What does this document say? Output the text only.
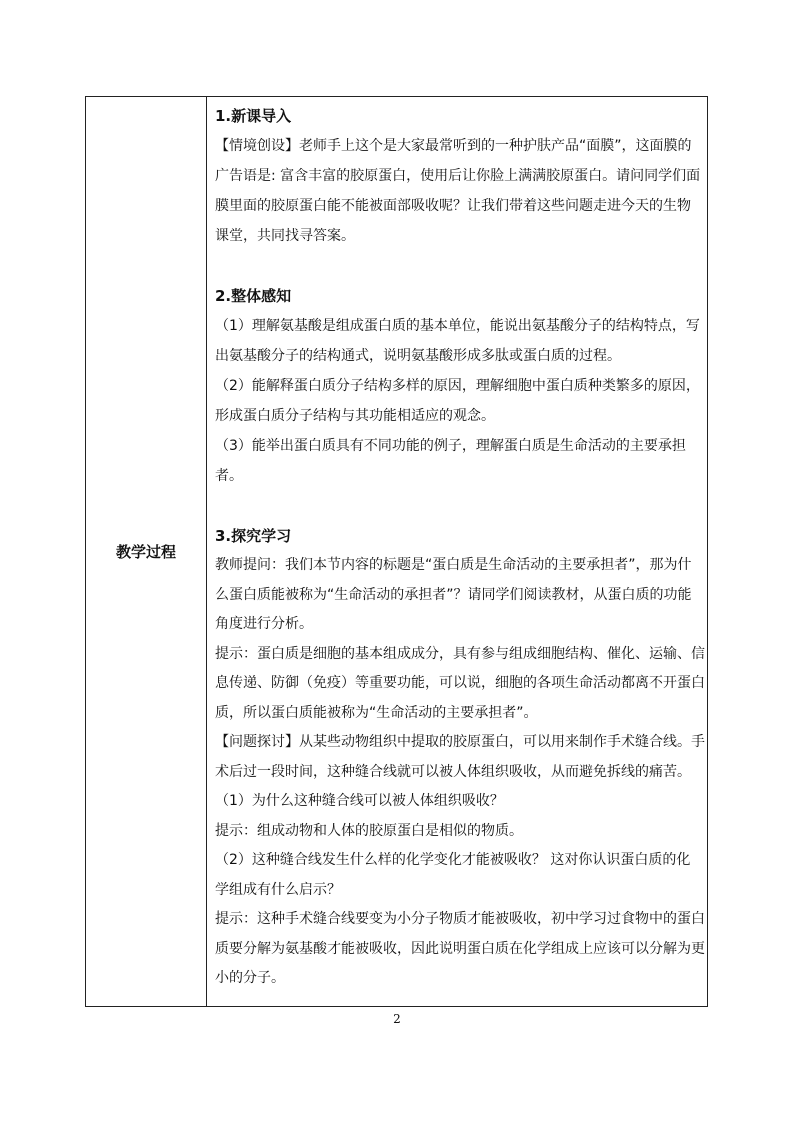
教学过程
1.新课导入
【情境创设】老师手上这个是大家最常听到的一种护肤产品“面膜”，这面膜的
广告语是: 富含丰富的胶原蛋白，使用后让你脸上满满胶原蛋白。请问同学们面
膜里面的胶原蛋白能不能被面部吸收呢？让我们带着这些问题走进今天的生物
课堂，共同找寻答案。
2.整体感知
（1）理解氨基酸是组成蛋白质的基本单位，能说出氨基酸分子的结构特点，写
出氨基酸分子的结构通式，说明氨基酸形成多肽或蛋白质的过程。
（2）能解释蛋白质分子结构多样的原因，理解细胞中蛋白质种类繁多的原因，
形成蛋白质分子结构与其功能相适应的观念。
（3）能举出蛋白质具有不同功能的例子，理解蛋白质是生命活动的主要承担者。
3.探究学习
教师提问：我们本节内容的标题是“蛋白质是生命活动的主要承担者”，那为什
么蛋白质能被称为“生命活动的承担者”？请同学们阅读教材，从蛋白质的功能
角度进行分析。
提示：蛋白质是细胞的基本组成成分，具有参与组成细胞结构、催化、运输、信
息传递、防御（免疫）等重要功能，可以说，细胞的各项生命活动都离不开蛋白
质，所以蛋白质能被称为“生命活动的主要承担者”。
【问题探讨】从某些动物组织中提取的胶原蛋白，可以用来制作手术缝合线。手
术后过一段时间，这种缝合线就可以被人体组织吸收，从而避免拆线的痛苦。
（1）为什么这种缝合线可以被人体组织吸收？
提示：组成动物和人体的胶原蛋白是相似的物质。
（2）这种缝合线发生什么样的化学变化才能被吸收？ 这对你认识蛋白质的化
学组成有什么启示？
提示：这种手术缝合线要变为小分子物质才能被吸收，初中学习过食物中的蛋白
质要分解为氨基酸才能被吸收，因此说明蛋白质在化学组成上应该可以分解为更
小的分子。
2
